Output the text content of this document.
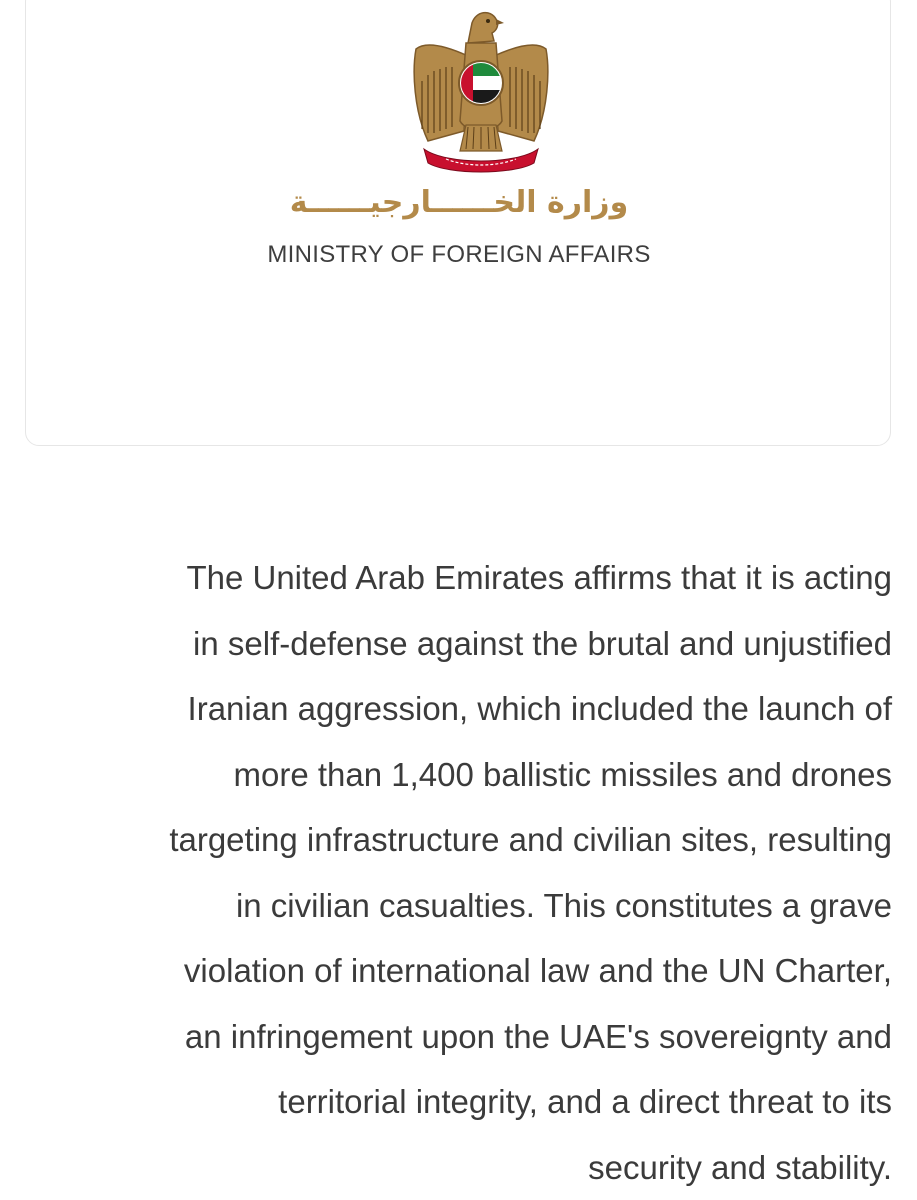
وزارة الخــــــارجيــــــة
MINISTRY OF FOREIGN AFFAIRS

The United Arab Emirates affirms that it is acting
in self-defense against the brutal and unjustified
Iranian aggression, which included the launch of
more than 1,400 ballistic missiles and drones
targeting infrastructure and civilian sites, resulting
in civilian casualties. This constitutes a grave
violation of international law and the UN Charter,
an infringement upon the UAE's sovereignty and
territorial integrity, and a direct threat to its
security and stability.
